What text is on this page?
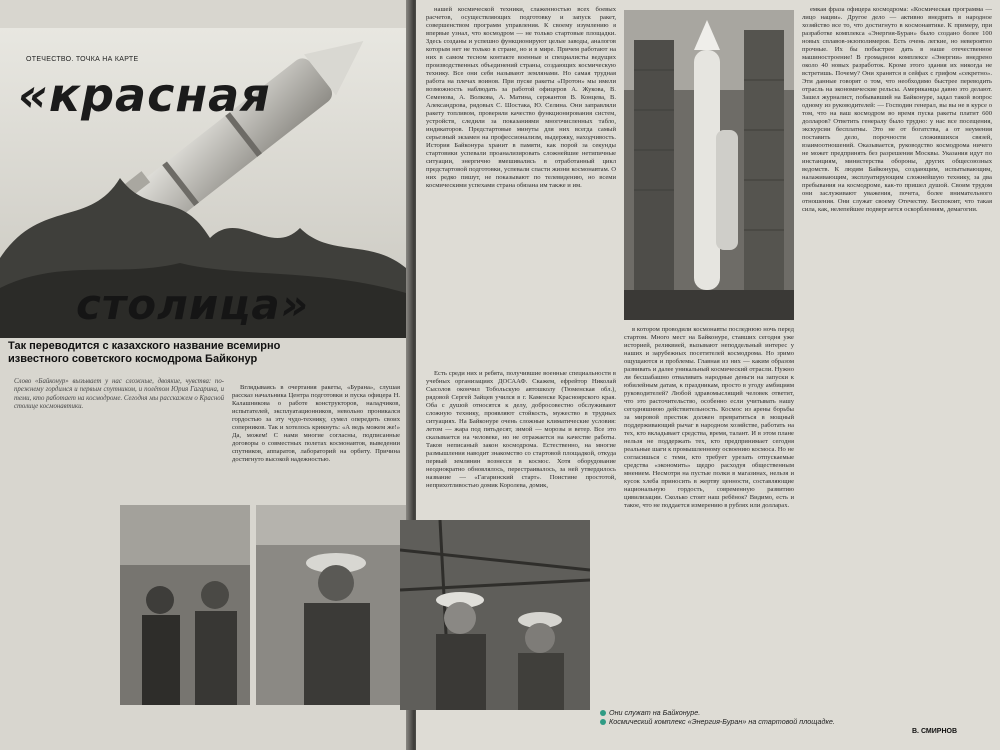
ОТЕЧЕСТВО. ТОЧКА НА КАРТЕ
«красная
столица»
Так переводится с казахского название всемирно известного советского космодрома Байконур
Слово «Байконур» вызывает у нас сложные, двоякие, чувства: по-прежнему гордимся и первым спутником, и полётом Юрия Гагарина, и теми, кто работает на космодроме. Сегодня мы расскажем о Красной столице космонавтики.

Вглядываясь в очертания ракеты, «Бурана», слушая рассказ начальника Центра подготовки и пуска офицера Н. Калашникова о работе конструкторов, наладчиков, испытателей, эксплуатационников, невольно проникался гордостью за эту чудо-технику, сумел опередить своих соперников. Так и хотелось крикнуть: «А ведь можем же!» Да, можем! С нами многие согласны, подписанные договоры о совместных полетах космонавтов, выведении спутников, аппаратов, лабораторий на орбиту. Причина достигнуто высокой надежностью.

нашей космической техники, слаженностью всех боевых расчетов, осуществляющих подготовку и запуск ракет, совершенством программ управления. К своему изумлению я впервые узнал, что космодром — не только стартовые площадки. Здесь созданы и успешно функционируют целые заводы, аналогов которым нет не только в стране, но и в мире. Причем работают на них в самом тесном контакте военные и специалисты ведущих производственных объединений страны, создающих космическую технику. Все они себя называют землянами. Но самая трудная работа на плечах воинов. При пуске ракеты «Протон» мы имели возможность наблюдать за работой офицеров А. Жукова, В. Семенова, А. Волкова, А. Матина, сержантов В. Концева, В. Александрова, рядовых С. Шостака, Ю. Селина. Они заправляли ракету топливом, проверяли качество функционирования систем, устройств, следили за показаниями многочисленных табло, индикаторов. Предстартовые минуты для них всегда самый серьезный экзамен на профессионализм, выдержку, находчивость. История Байконура хранит в памяти, как порой за секунды стартовики успевали проанализировать сложнейшие нетипичные ситуации, энергично вмешивались в отработанный цикл предстартовой подготовки, успевали спасти жизни космонавтам. О них редко пишут, не показывают по телевидению, но всеми космическими успехами страна обязана им также и им.

Есть среди них и ребята, получившие военные специальности в учебных организациях ДОСААФ. Скажем, ефрейтор Николай Сысолов окончил Тобольскую автошколу (Тюменская обл.), рядовой Сергей Зайцев учился в г. Каменске Красноярского края. Оба с душой относятся к делу, добросовестно обслуживают сложную технику, проявляют стойкость, мужество в трудных ситуациях. На Байконуре очень сложные климатические условия: летом — жара под пятьдесят, зимой — морозы и ветер. Все это сказывается на человеке, но не отражается на качестве работы. Таков неписаный закон космодрома. Естественно, на многие размышления наводит знакомство со стартовой площадкой, откуда первый землянин вознесся в космос. Хотя оборудование неоднократно обновлялось, перестраивалось, за ней утвердилось название — «Гагаринский старт». Поистине простотой, неприхотливостью домик Королева, домик,

в котором проводили космонавты последнюю ночь перед стартом. Много мест на Байконуре, ставших сегодня уже историей, реликвией, вызывают неподдельный интерес у наших и зарубежных посетителей космодрома. Но зримо ощущаются и проблемы. Главная из них — каким образом развивать и далее уникальный космический отрасли. Нужно ли бесшабашно отваливать народные деньги на запуски к юбилейным датам, к праздникам, просто в угоду амбициям руководителей? Любой здравомыслящий человек ответит, что это расточительство, особенно если учитывать нашу сегодняшнюю действительность. Космос из арены борьбы за мировой престиж должен превратиться в мощный поддерживающий рычаг в народном хозяйстве, работать на тех, кто вкладывает средства, время, талант. И в этом плане нельзя не поддержать тех, кто предпринимает сегодня реальные шаги к промышленному освоению космоса. Но не согласишься с теми, кто требует урезать отпускаемые средства «экономить» щедро расходуя общественным мнением. Несмотря на пустые полки в магазинах, нельзя и кусок хлеба приносить в жертву ценности, составляющие национальную гордость, современную развитию цивилизации. Сколько стоит наш ребёнок? Видимо, есть и такое, что не поддается измерению в рублях или долларах.

емкая фраза офицера космодрома: «Космическая программа — лицо нации». Другое дело — активно внедрять в народное хозяйство все то, что достигнуто в космонавтике. К примеру, при разработке комплекса «Энергия-Буран» было создано более 100 новых сплавов-экзополимеров. Есть очень легкие, но невероятно прочные. Их бы побыстрее дать в наше отечественное машиностроение! В громадном комплексе «Энергии» внедрено около 40 новых разработок. Кроме этого здания их никогда не встретишь. Почему? Они хранятся в сейфах с грифом «секретно». Эти данные говорят о том, что необходимо быстрее переводить отрасль на экономические рельсы. Американцы давно это делают. Зашел журналист, побывавший на Байконуре, задал такой вопрос одному из руководителей: — Господин генерал, вы вы не в курсе о том, что на ваш космодром во время пуска ракеты платит 600 долларов? Ответить генералу было трудно: у нас все посещения, экскурсии бесплатны. Это не от богатства, а от неумения поставить дело, порочности сложившихся связей, взаимоотношений. Оказывается, руководство космодрома ничего не может предпринять без разрешения Москвы. Указания идут по инстанциям, министерства обороны, других общесоюзных ведомств. К людям Байконура, создающим, испытывающим, налаживающим, эксплуатирующим сложнейшую технику, за два пребывания на космодроме, как-то пришел душой. Своим трудом они заслуживают уважения, почета, более внимательного отношения. Они служат своему Отечеству. Беспокоит, что такая сила, как, нелепейшее подвергается оскорблениям, демагогии.

Они служат на Байконуре.
Космический комплекс «Энергия-Буран» на стартовой площадке.
В. СМИРНОВ
